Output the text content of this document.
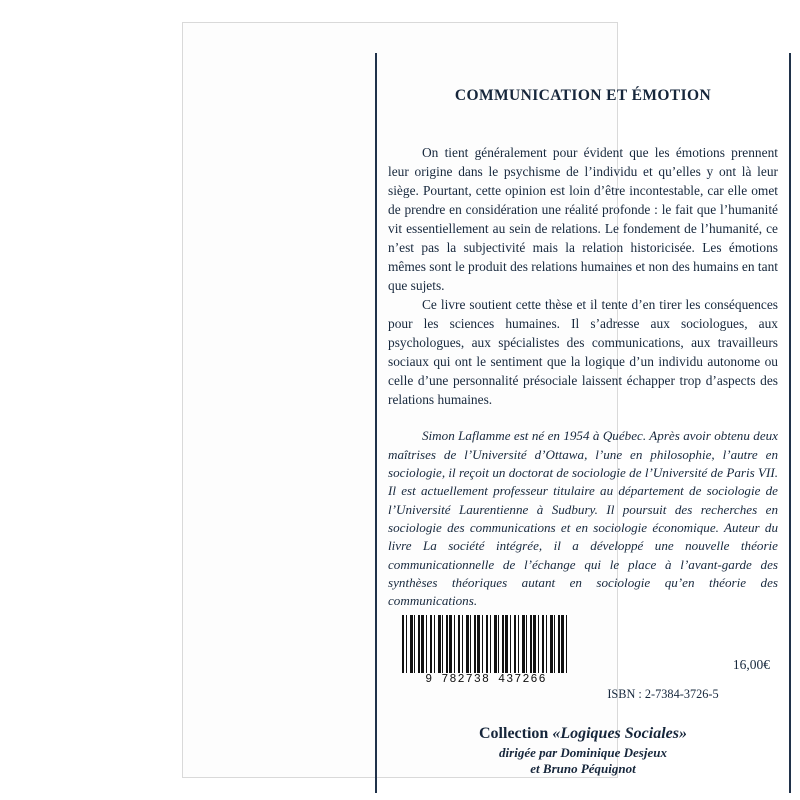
COMMUNICATION ET ÉMOTION

On tient généralement pour évident que les émotions prennent leur origine dans le psychisme de l’individu et qu’elles y ont là leur siège. Pourtant, cette opinion est loin d’être incontestable, car elle omet de prendre en considération une réalité profonde : le fait que l’humanité vit essentiellement au sein de relations. Le fondement de l’humanité, ce n’est pas la subjectivité mais la relation historicisée. Les émotions mêmes sont le produit des relations humaines et non des humains en tant que sujets.

Ce livre soutient cette thèse et il tente d’en tirer les conséquences pour les sciences humaines. Il s’adresse aux sociologues, aux psychologues, aux spécialistes des communications, aux travailleurs sociaux qui ont le sentiment que la logique d’un individu autonome ou celle d’une personnalité présociale laissent échapper trop d’aspects des relations humaines.

Simon Laflamme est né en 1954 à Québec. Après avoir obtenu deux maîtrises de l’Université d’Ottawa, l’une en philosophie, l’autre en sociologie, il reçoit un doctorat de sociologie de l’Université de Paris VII. Il est actuellement professeur titulaire au département de sociologie de l’Université Laurentienne à Sudbury. Il poursuit des recherches en sociologie des communications et en sociologie économique. Auteur du livre La société intégrée, il a développé une nouvelle théorie communicationnelle de l’échange qui le place à l’avant-garde des synthèses théoriques autant en sociologie qu’en théorie des communications.

9 782738 437266
16,00€
ISBN : 2-7384-3726-5
Collection «Logiques Sociales»
dirigée par Dominique Desjeux
et Bruno Péquignot
